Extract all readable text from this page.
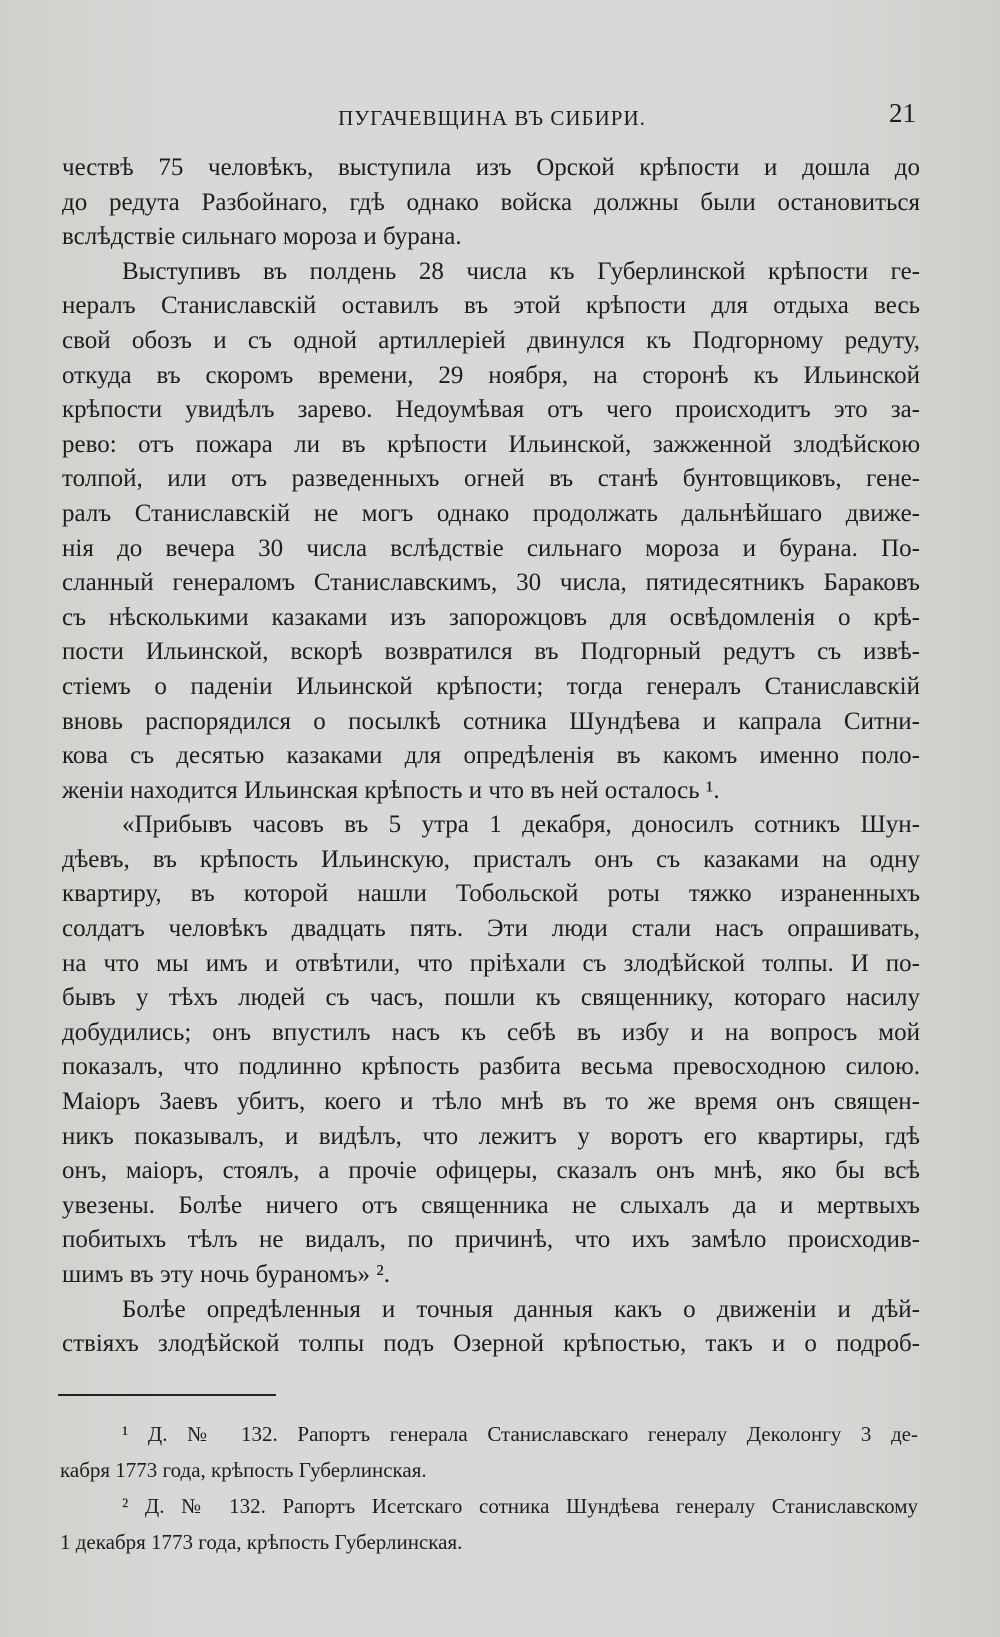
ПУГАЧЕВЩИНА ВЪ СИБИРИ.	21
чествѣ 75 человѣкъ, выступила изъ Орской крѣпости и дошла до
до редута Разбойнаго, гдѣ однако войска должны были остановиться
вслѣдствіе сильнаго мороза и бурана.
Выступивъ въ полдень 28 числа къ Губерлинской крѣпости ге-
нералъ Станиславскій оставилъ въ этой крѣпости для отдыха весь
свой обозъ и съ одной артиллеріей двинулся къ Подгорному редуту,
откуда въ скоромъ времени, 29 ноября, на сторонѣ къ Ильинской
крѣпости увидѣлъ зарево. Недоумѣвая отъ чего происходитъ это за-
рево: отъ пожара ли въ крѣпости Ильинской, зажженной злодѣйскою
толпой, или отъ разведенныхъ огней въ станѣ бунтовщиковъ, гене-
ралъ Станиславскій не могъ однако продолжать дальнѣйшаго движе-
нія до вечера 30 числа вслѣдствіе сильнаго мороза и бурана. По-
сланный генераломъ Станиславскимъ, 30 числа, пятидесятникъ Бараковъ
съ нѣсколькими казаками изъ запорожцовъ для освѣдомленія о крѣ-
пости Ильинской, вскорѣ возвратился въ Подгорный редутъ съ извѣ-
стіемъ о паденіи Ильинской крѣпости; тогда генералъ Станиславскій
вновь распорядился о посылкѣ сотника Шундѣева и капрала Ситни-
кова съ десятью казаками для опредѣленія въ какомъ именно поло-
женіи находится Ильинская крѣпость и что въ ней осталось ¹.
«Прибывъ часовъ въ 5 утра 1 декабря, доносилъ сотникъ Шун-
дѣевъ, въ крѣпость Ильинскую, присталъ онъ съ казаками на одну
квартиру, въ которой нашли Тобольской роты тяжко израненныхъ
солдатъ человѣкъ двадцать пять. Эти люди стали насъ опрашивать,
на что мы имъ и отвѣтили, что пріѣхали съ злодѣйской толпы. И по-
бывъ у тѣхъ людей съ часъ, пошли къ священнику, котораго насилу
добудились; онъ впустилъ насъ къ себѣ въ избу и на вопросъ мой
показалъ, что подлинно крѣпость разбита весьма превосходною силою.
Маіоръ Заевъ убитъ, коего и тѣло мнѣ въ то же время онъ священ-
никъ показывалъ, и видѣлъ, что лежитъ у воротъ его квартиры, гдѣ
онъ, маіоръ, стоялъ, а прочіе офицеры, сказалъ онъ мнѣ, яко бы всѣ
увезены. Болѣе ничего отъ священника не слыхалъ да и мертвыхъ
побитыхъ тѣлъ не видалъ, по причинѣ, что ихъ замѣло происходив-
шимъ въ эту ночь бураномъ» ².
Болѣе опредѣленныя и точныя данныя какъ о движеніи и дѣй-
ствіяхъ злодѣйской толпы подъ Озерной крѣпостью, такъ и о подроб-
¹ Д. № 132. Рапортъ генерала Станиславскаго генералу Деколонгу 3 де-
кабря 1773 года, крѣпость Губерлинская.
² Д. № 132. Рапортъ Исетскаго сотника Шундѣева генералу Станиславскому
1 декабря 1773 года, крѣпость Губерлинская.
